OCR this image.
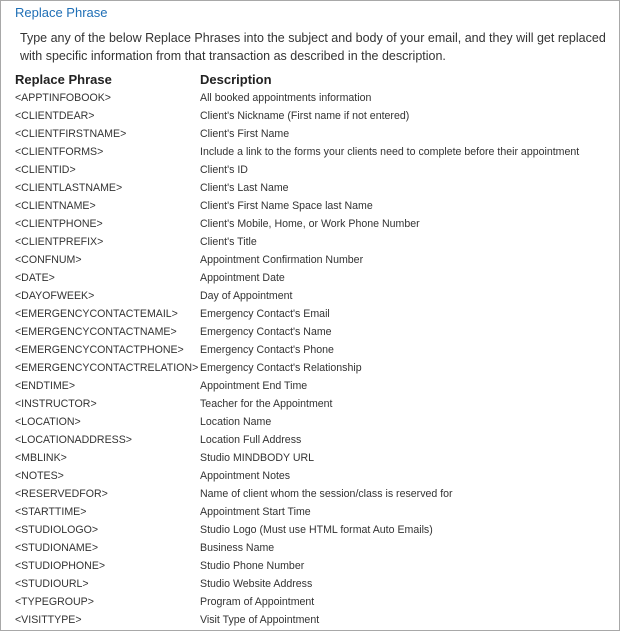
Replace Phrase
Type any of the below Replace Phrases into the subject and body of your email, and they will get replaced with specific information from that transaction as described in the description.
Replace Phrase	Description
<APPTINFOBOOK>	All booked appointments information
<CLIENTDEAR>	Client's Nickname (First name if not entered)
<CLIENTFIRSTNAME>	Client's First Name
<CLIENTFORMS>	Include a link to the forms your clients need to complete before their appointment
<CLIENTID>	Client's ID
<CLIENTLASTNAME>	Client's Last Name
<CLIENTNAME>	Client's First Name Space last Name
<CLIENTPHONE>	Client's Mobile, Home, or Work Phone Number
<CLIENTPREFIX>	Client's Title
<CONFNUM>	Appointment Confirmation Number
<DATE>	Appointment Date
<DAYOFWEEK>	Day of Appointment
<EMERGENCYCONTACTEMAIL>	Emergency Contact's Email
<EMERGENCYCONTACTNAME>	Emergency Contact's Name
<EMERGENCYCONTACTPHONE>	Emergency Contact's Phone
<EMERGENCYCONTACTRELATION>	Emergency Contact's Relationship
<ENDTIME>	Appointment End Time
<INSTRUCTOR>	Teacher for the Appointment
<LOCATION>	Location Name
<LOCATIONADDRESS>	Location Full Address
<MBLINK>	Studio MINDBODY URL
<NOTES>	Appointment Notes
<RESERVEDFOR>	Name of client whom the session/class is reserved for
<STARTTIME>	Appointment Start Time
<STUDIOLOGO>	Studio Logo (Must use HTML format Auto Emails)
<STUDIONAME>	Business Name
<STUDIOPHONE>	Studio Phone Number
<STUDIOURL>	Studio Website Address
<TYPEGROUP>	Program of Appointment
<VISITTYPE>	Visit Type of Appointment
